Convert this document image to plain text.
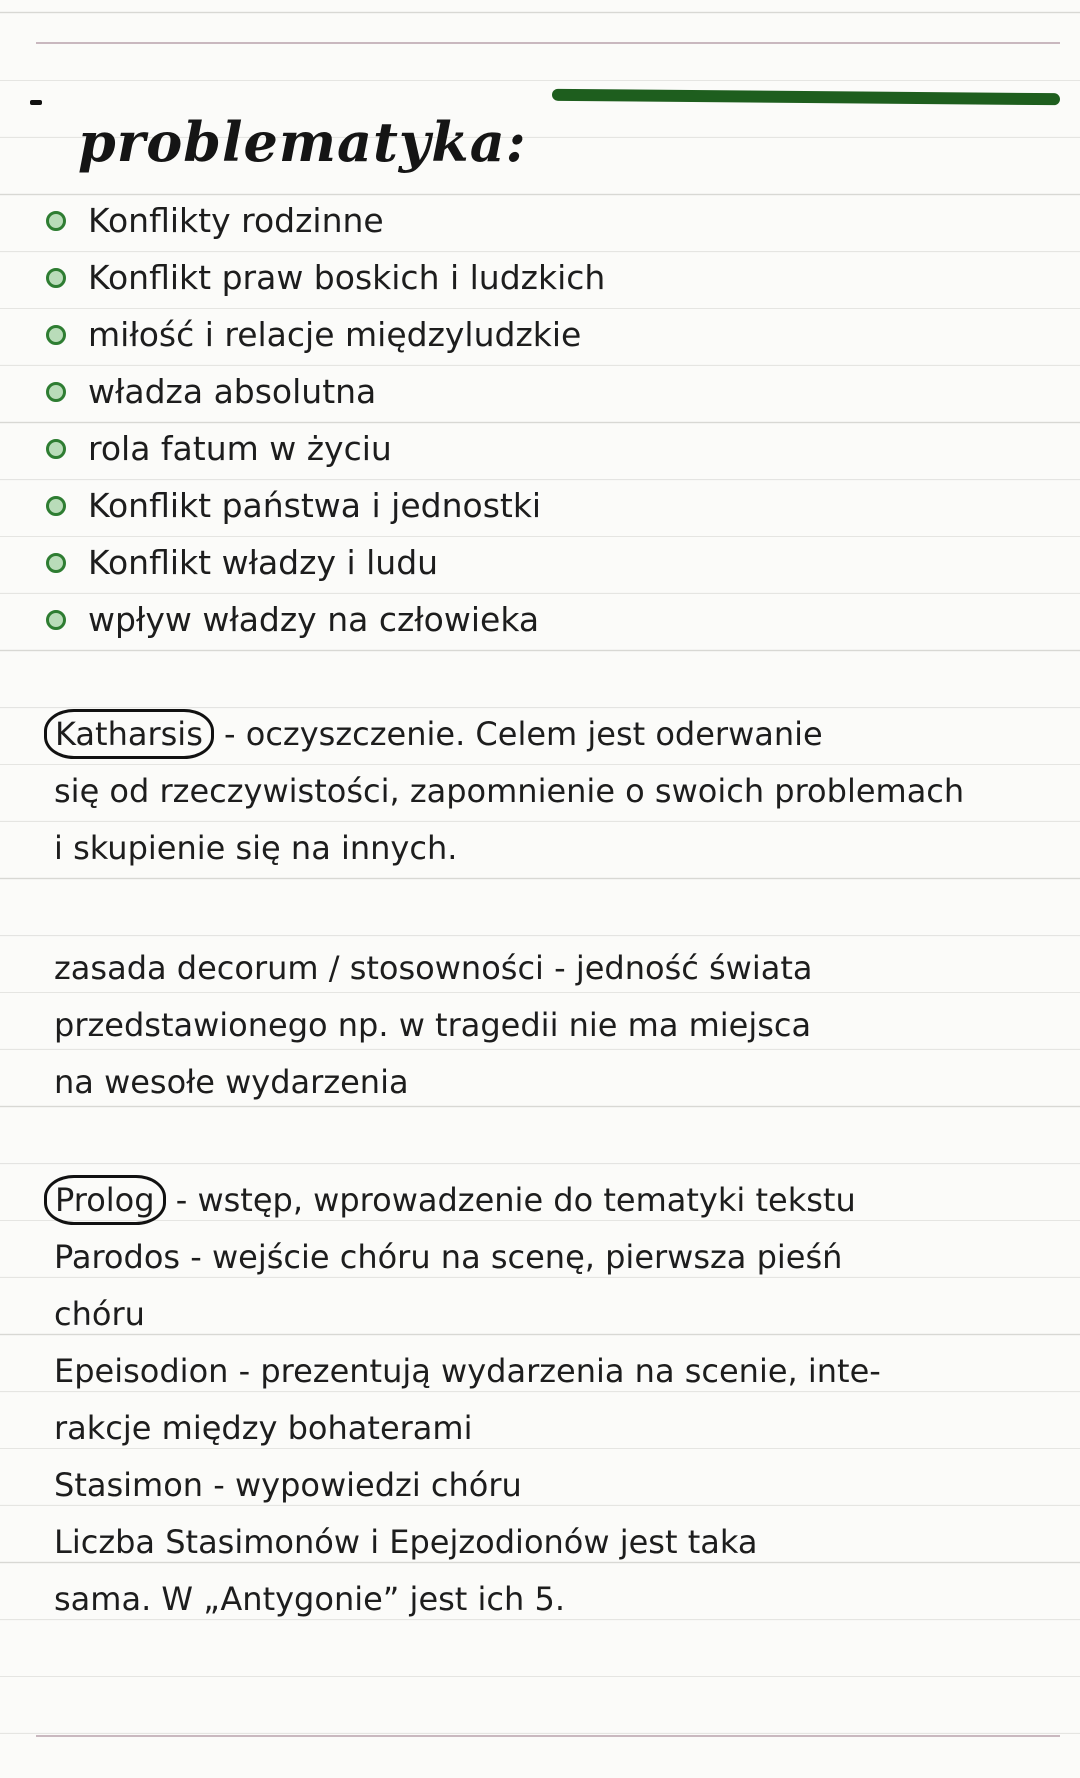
problematyka:
Konflikty rodzinne
Konflikt praw boskich i ludzkich
miłość i relacje międzyludzkie
władza absolutna
rola fatum w życiu
Konflikt państwa i jednostki
Konflikt władzy i ludu
wpływ władzy na człowieka
Katharsis - oczyszczenie. Celem jest oderwanie
się od rzeczywistości, zapomnienie o swoich problemach
i skupienie się na innych.
zasada decorum / stosowności - jedność świata
przedstawionego np. w tragedii nie ma miejsca
na wesołe wydarzenia
Prolog - wstęp, wprowadzenie do tematyki tekstu
Parodos - wejście chóru na scenę, pierwsza pieśń
chóru
Epeisodion - prezentują wydarzenia na scenie, inte-
rakcje między bohaterami
Stasimon - wypowiedzi chóru
Liczba Stasimonów i Epejzodionów jest taka
sama. W „Antygonie” jest ich 5.
